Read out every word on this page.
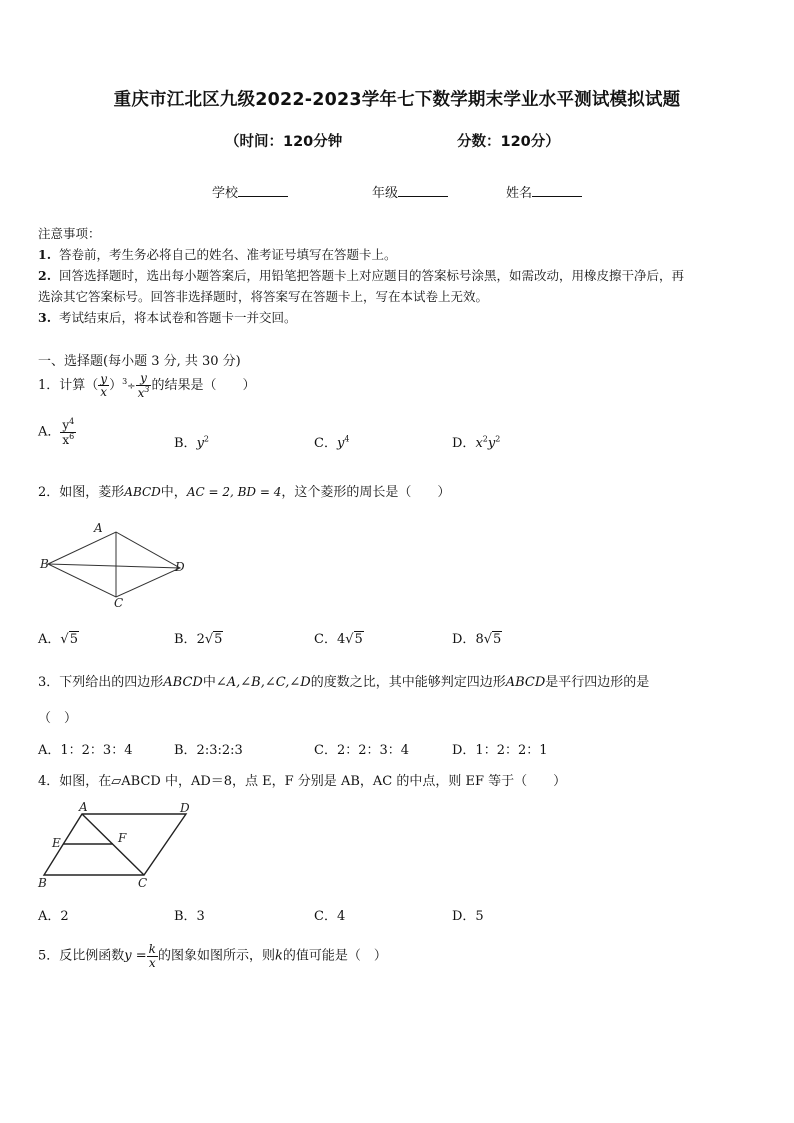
重庆市江北区九级2022-2023学年七下数学期末学业水平测试模拟试题
（时间：120分钟	分数：120分）
学校	年级	姓名
注意事项：
1. 答卷前，考生务必将自己的姓名、准考证号填写在答题卡上。
2. 回答选择题时，选出每小题答案后，用铅笔把答题卡上对应题目的答案标号涂黑，如需改动，用橡皮擦干净后，再
选涂其它答案标号。回答非选择题时，将答案写在答题卡上，写在本试卷上无效。
3. 考试结束后，将本试卷和答题卡一并交回。
一、选择题(每小题 3 分, 共 30 分)
1．计算（ $\frac{y}{x} )^3\div \frac{y}{x^3}$ 的结果是（　　）
A． $\frac{y^4}{x^6}$	B．$y^2$	C．$y^4$	D．$x^2y^2$
2．如图，菱形ABCD中，AC = 2, BD = 4，这个菱形的周长是（　　）
A
B
C
D
A．√5	B．2√5	C．4√5	D．8√5
3．下列给出的四边形ABCD中∠A,∠B,∠C,∠D的度数之比，其中能够判定四边形ABCD是平行四边形的是
（　）
A．1：2：3：4	B．2:3:2:3	C．2：2：3：4	D．1：2：2：1
4．如图，在▱ABCD 中，AD＝8，点 E，F 分别是 AB，AC 的中点，则 EF 等于（　　）
A	D
E	F
B	C
A．2	B．3	C．4	D．5
5．反比例函数$y = \frac{k}{x}$ 的图象如图所示，则k的值可能是（　）
